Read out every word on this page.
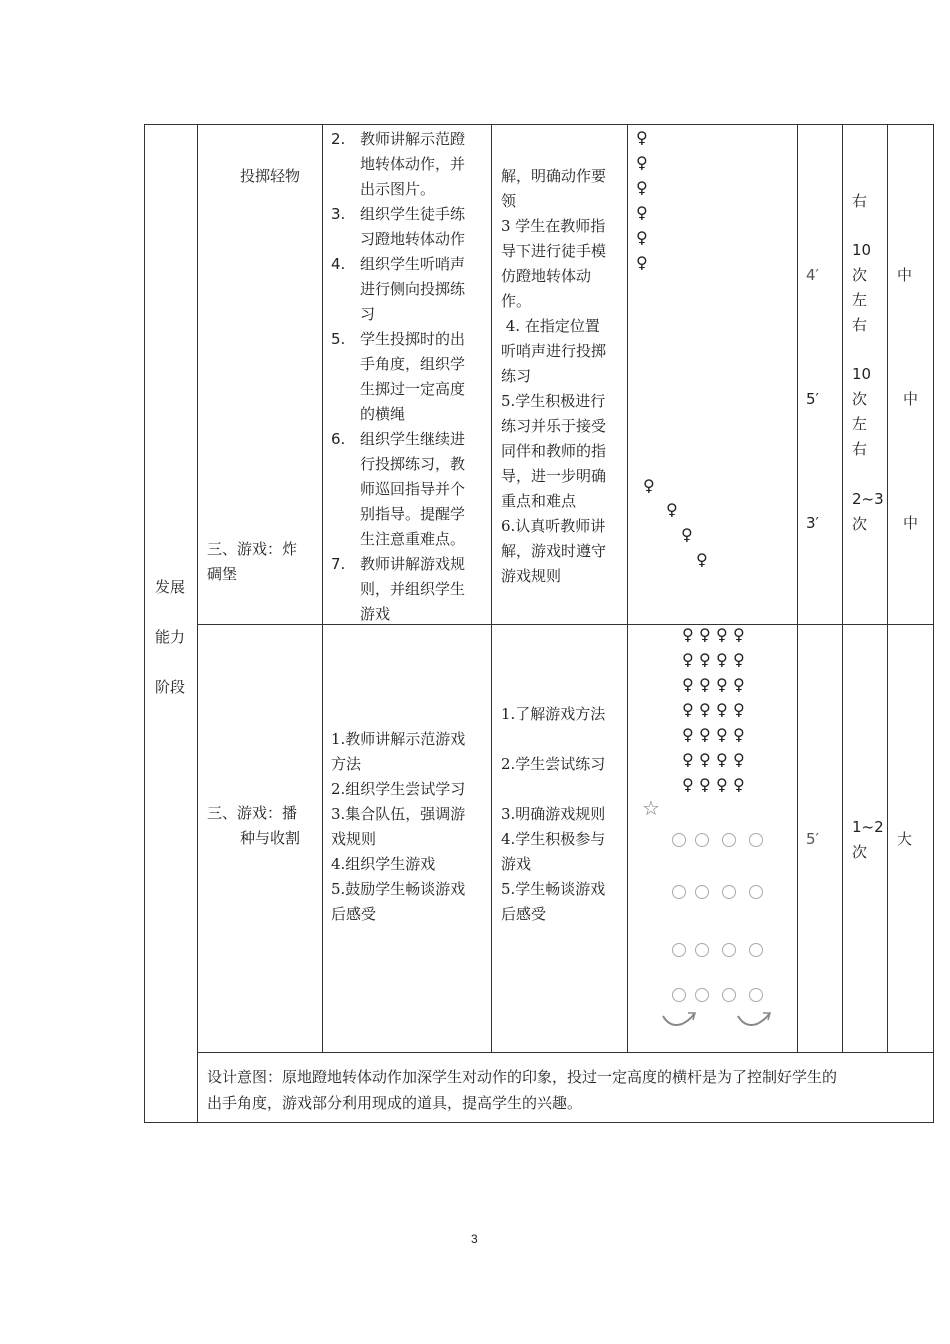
发展
能力
阶段
投掷轻物
三、游戏：炸
碉堡
2. 教师讲解示范蹬
地转体动作，并
出示图片。
3. 组织学生徒手练
习蹬地转体动作
4. 组织学生听哨声
进行侧向投掷练
习
5. 学生投掷时的出
手角度，组织学
生掷过一定高度
的横绳
6. 组织学生继续进
行投掷练习，教
师巡回指导并个
别指导。提醒学
生注意重难点。
7. 教师讲解游戏规
则，并组织学生
游戏
解，明确动作要
领
3 学生在教师指
导下进行徒手模
仿蹬地转体动
作。
4. 在指定位置
听哨声进行投掷
练习
5.学生积极进行
练习并乐于接受
同伴和教师的指
导，进一步明确
重点和难点
6.认真听教师讲
解，游戏时遵守
游戏规则
♀
♀
♀
♀
♀
♀
♀
♀
♀
♀
4′
5′
3′
右
10
次
左
右
10
次
左
右
2~3
次
中
中
中
三、游戏：播
种与收割
1.教师讲解示范游戏
方法
2.组织学生尝试学习
3.集合队伍，强调游
戏规则
4.组织学生游戏
5.鼓励学生畅谈游戏
后感受
1.了解游戏方法
2.学生尝试练习
3.明确游戏规则
4.学生积极参与
游戏
5.学生畅谈游戏
后感受
♀ ♀ ♀ ♀
♀ ♀ ♀ ♀
♀ ♀ ♀ ♀
♀ ♀ ♀ ♀
♀ ♀ ♀ ♀
♀ ♀ ♀ ♀
♀ ♀ ♀ ♀
☆
5′
1~2
次
大
设计意图：原地蹬地转体动作加深学生对动作的印象，投过一定高度的横杆是为了控制好学生的
出手角度，游戏部分利用现成的道具，提高学生的兴趣。
3
